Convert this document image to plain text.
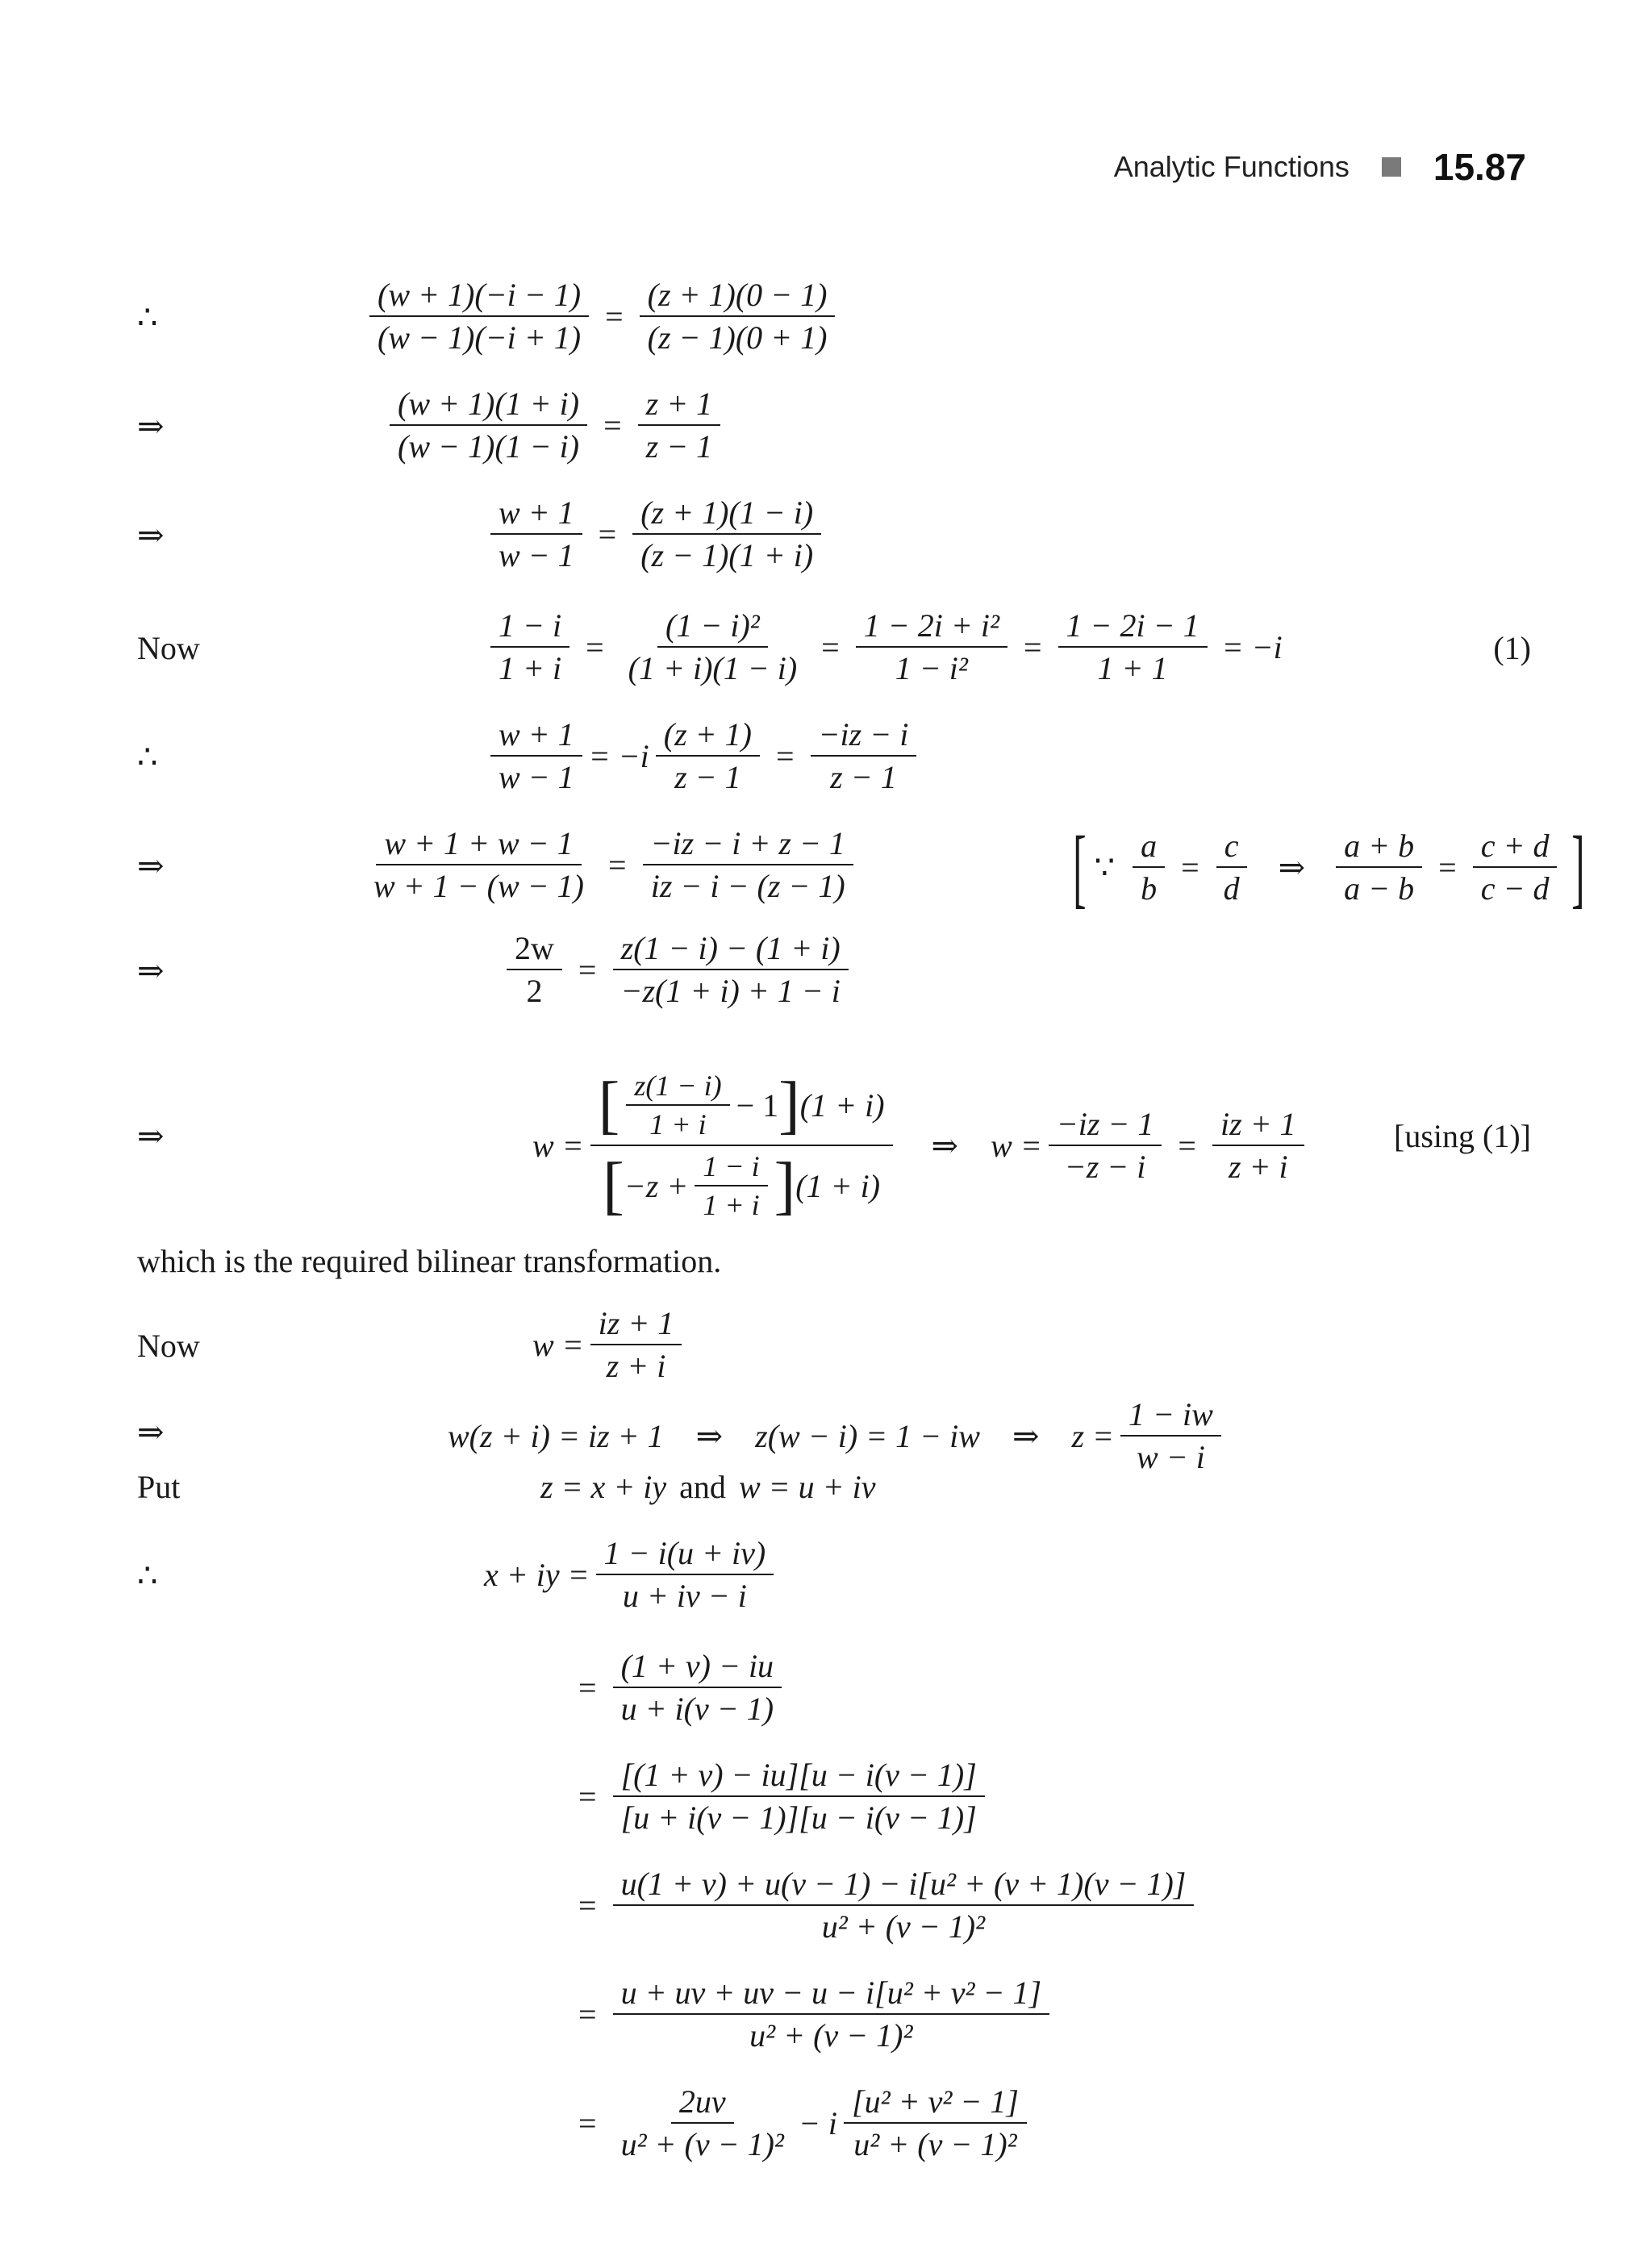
Analytic Functions 15.87
∴	$\frac{(w + 1)(-i - 1)}{(w - 1)(-i + 1)} = \frac{(z + 1)(0 - 1)}{(z - 1)(0 + 1)}$
⇒	$\frac{(w + 1)(1 + i)}{(w - 1)(1 - i)} = \frac{z + 1}{z - 1}$
⇒	$\frac{w + 1}{w - 1} = \frac{(z + 1)(1 - i)}{(z - 1)(1 + i)}$
Now	$\frac{1 - i}{1 + i} = \frac{\text{(1 − i)²}}{(1 + i)(1 - i)} = \frac{\text{1 − 2i + i²}}{\text{1 − i²}} = \frac{1 - 2i - 1}{1 + 1} = -i$	(1)
∴	$\frac{w + 1}{w - 1} = -i \frac{(z + 1)}{z - 1} = \frac{-iz - i}{z - 1}$
⇒	$\frac{w + 1 + w - 1}{w + 1 - (w - 1)} = \frac{-iz - i + z - 1}{iz - i - (z - 1)}$ [ ∵ $\frac{a}{b} = \frac{c}{d}$ ⇒ $\frac{a + b}{a - b} = \frac{c + d}{c - d}$ ]
⇒	$\frac{2w}{2} = \frac{z(1 - i) - (1 + i)}{-z(1 + i) + 1 - i}$
⇒	$w = \frac{[ \frac{z(1 - i)}{1 + i} - 1 ] (1 + i)}{[ -z + \frac{1 - i}{1 + i} ] (1 + i)}$ ⇒ $w = \frac{-iz - 1}{-z - i} = \frac{iz + 1}{z + i}$	[using (1)]
which is the required bilinear transformation.
Now	$w = \frac{iz + 1}{z + i}$
⇒	w(z + i) = iz + 1 ⇒ z(w − i) = 1 − iw ⇒ $z = \frac{1 - iw}{w - i}$
Put	z = x + iy and w = u + iv
∴	x + iy = $\frac{1 - i(u + iv)}{u + iv - i}$
= $\frac{(1 + v) - iu}{u + i(v - 1)}$
= $\frac{[(1 + v) - iu][u - i(v - 1)]}{[u + i(v - 1)][u - i(v - 1)]}$
= $\frac{\text{u(1 + v) + u(v − 1) − i[u² + (v + 1)(v − 1)]}}{\text{u² + (v − 1)²}}$
= $\frac{\text{u + uv + uv − u − i[u² + v² − 1]}}{\text{u² + (v − 1)²}}$
= $\frac{2uv}{\text{u² + (v − 1)²}} - i \frac{\text{[u² + v² − 1]}}{\text{u² + (v − 1)²}}$
